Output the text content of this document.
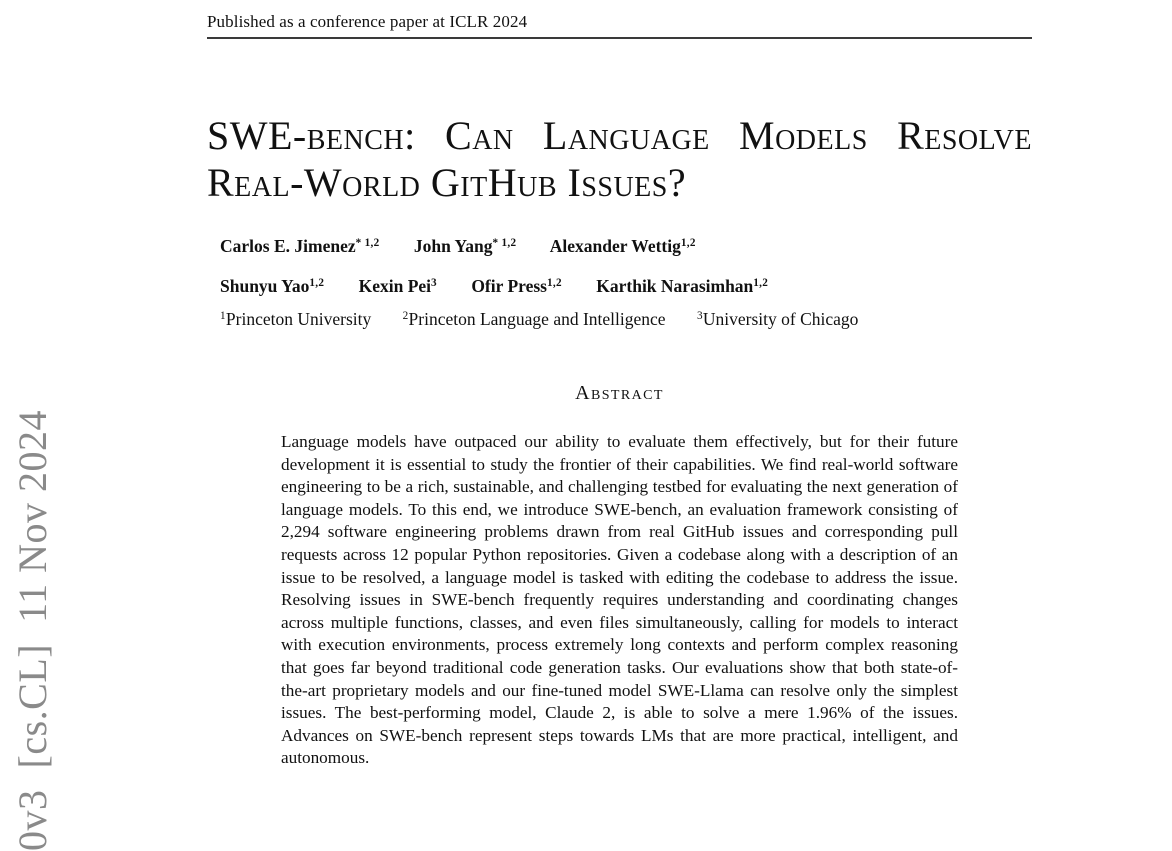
Published as a conference paper at ICLR 2024
0v3  [cs.CL]  11 Nov 2024
SWE-bench: Can Language Models Resolve
Real-World GitHub Issues?
Carlos E. Jimenez$^{* 1,2}$ John Yang$^{* 1,2}$ Alexander Wettig$^{1,2}$
Shunyu Yao$^{1,2}$ Kexin Pei$^3$ Ofir Press$^{1,2}$ Karthik Narasimhan$^{1,2}$
$^1$Princeton University	$^2$Princeton Language and Intelligence	$^3$University of Chicago
Abstract
Language models have outpaced our ability to evaluate them effectively, but for their future development it is essential to study the frontier of their capabilities. We find real-world software engineering to be a rich, sustainable, and challenging testbed for evaluating the next generation of language models. To this end, we introduce SWE-bench, an evaluation framework consisting of 2,294 software engineering problems drawn from real GitHub issues and corresponding pull requests across 12 popular Python repositories. Given a codebase along with a description of an issue to be resolved, a language model is tasked with editing the codebase to address the issue. Resolving issues in SWE-bench frequently requires understanding and coordinating changes across multiple functions, classes, and even files simultaneously, calling for models to interact with execution environments, process extremely long contexts and perform complex reasoning that goes far beyond traditional code generation tasks. Our evaluations show that both state-of-the-art proprietary models and our fine-tuned model SWE-Llama can resolve only the simplest issues. The best-performing model, Claude 2, is able to solve a mere 1.96% of the issues. Advances on SWE-bench represent steps towards LMs that are more practical, intelligent, and autonomous.
